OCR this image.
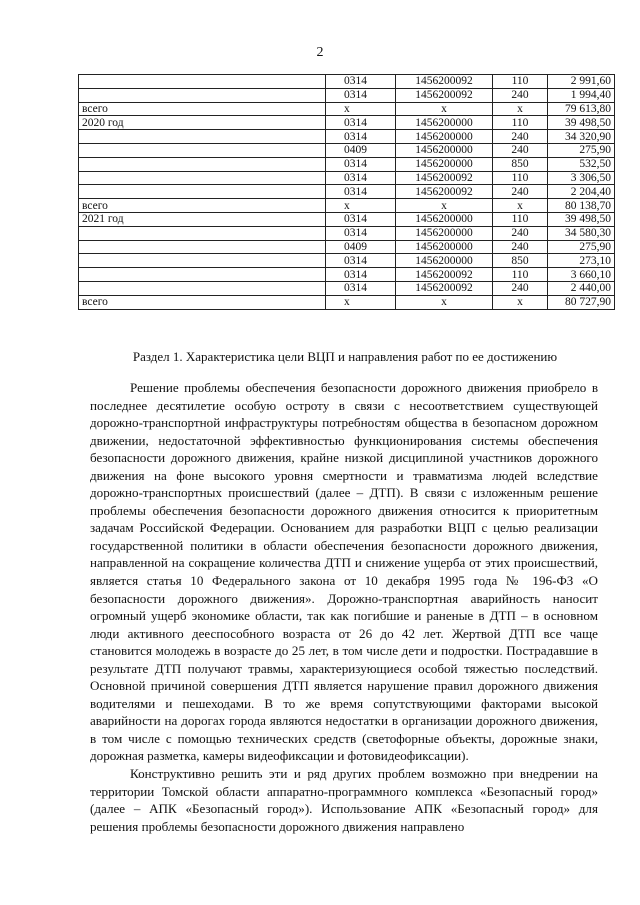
2
	0314	1456200092	110	2 991,60
	0314	1456200092	240	1 994,40
всего	х	х	х	79 613,80
2020 год	0314	1456200000	110	39 498,50
	0314	1456200000	240	34 320,90
	0409	1456200000	240	275,90
	0314	1456200000	850	532,50
	0314	1456200092	110	3 306,50
	0314	1456200092	240	2 204,40
всего	х	х	х	80 138,70
2021 год	0314	1456200000	110	39 498,50
	0314	1456200000	240	34 580,30
	0409	1456200000	240	275,90
	0314	1456200000	850	273,10
	0314	1456200092	110	3 660,10
	0314	1456200092	240	2 440,00
всего	х	х	х	80 727,90
Раздел 1. Характеристика цели ВЦП и направления работ по ее достижению

Решение проблемы обеспечения безопасности дорожного движения приобрело в последнее десятилетие особую остроту в связи с несоответствием существующей дорожно-транспортной инфраструктуры потребностям общества в безопасном дорожном движении, недостаточной эффективностью функционирования системы обеспечения безопасности дорожного движения, крайне низкой дисциплиной участников дорожного движения на фоне высокого уровня смертности и травматизма людей вследствие дорожно-транспортных происшествий (далее – ДТП). В связи с изложенным решение проблемы обеспечения безопасности дорожного движения относится к приоритетным задачам Российской Федерации. Основанием для разработки ВЦП с целью реализации государственной политики в области обеспечения безопасности дорожного движения, направленной на сокращение количества ДТП и снижение ущерба от этих происшествий, является статья 10 Федерального закона от 10 декабря 1995 года № 196-ФЗ «О безопасности дорожного движения». Дорожно-транспортная аварийность наносит огромный ущерб экономике области, так как погибшие и раненые в ДТП – в основном люди активного дееспособного возраста от 26 до 42 лет. Жертвой ДТП все чаще становится молодежь в возрасте до 25 лет, в том числе дети и подростки. Пострадавшие в результате ДТП получают травмы, характеризующиеся особой тяжестью последствий. Основной причиной совершения ДТП является нарушение правил дорожного движения водителями и пешеходами. В то же время сопутствующими факторами высокой аварийности на дорогах города являются недостатки в организации дорожного движения, в том числе с помощью технических средств (светофорные объекты, дорожные знаки, дорожная разметка, камеры видеофиксации и фотовидеофиксации).

Конструктивно решить эти и ряд других проблем возможно при внедрении на территории Томской области аппаратно-программного комплекса «Безопасный город» (далее – АПК «Безопасный город»). Использование АПК «Безопасный город» для решения проблемы безопасности дорожного движения направлено
